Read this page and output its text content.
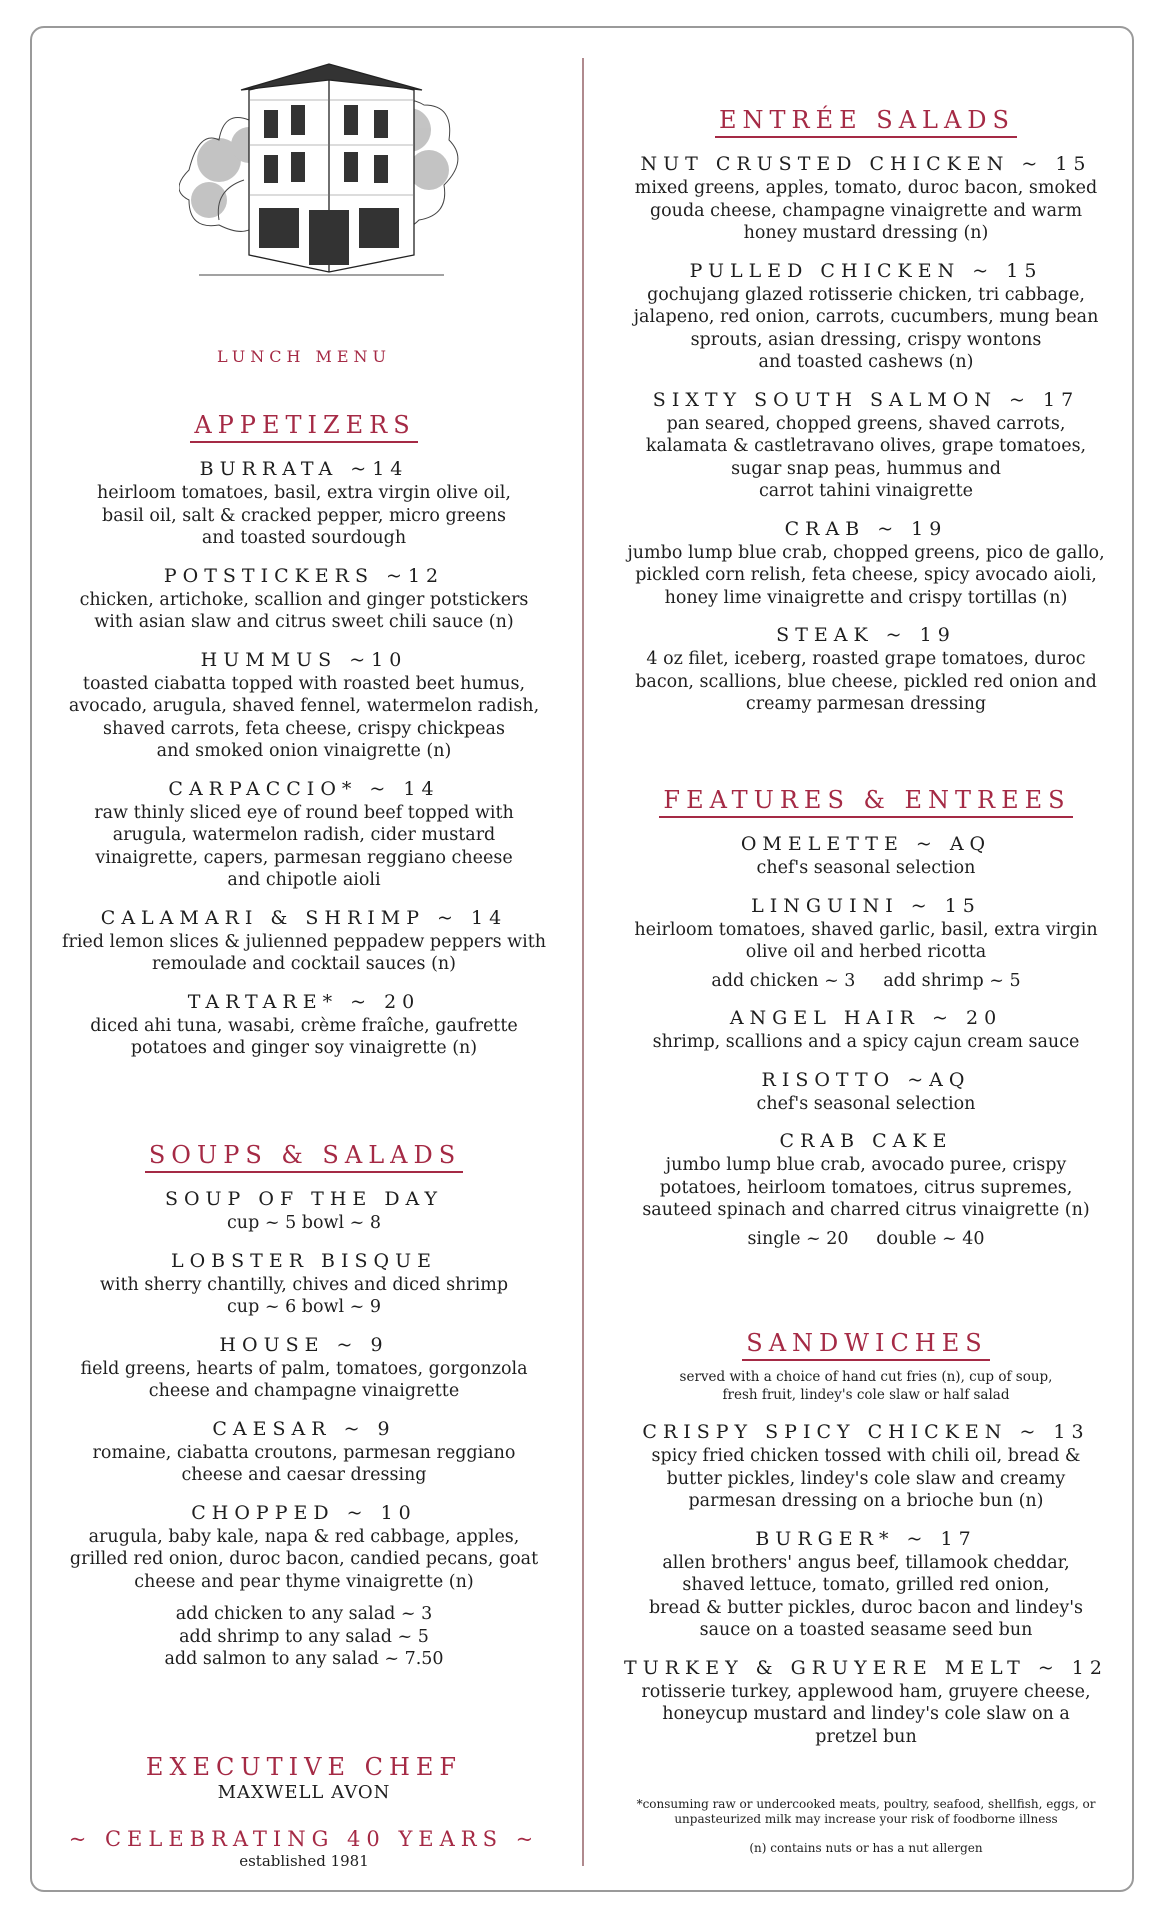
LUNCH MENU
APPETIZERS
BURRATA ~14
heirloom tomatoes, basil, extra virgin olive oil,
basil oil, salt & cracked pepper, micro greens
and toasted sourdough
POTSTICKERS ~12
chicken, artichoke, scallion and ginger potstickers
with asian slaw and citrus sweet chili sauce (n)
HUMMUS ~10
toasted ciabatta topped with roasted beet humus,
avocado, arugula, shaved fennel, watermelon radish,
shaved carrots, feta cheese, crispy chickpeas
and smoked onion vinaigrette (n)
CARPACCIO* ~ 14
raw thinly sliced eye of round beef topped with
arugula, watermelon radish, cider mustard
vinaigrette, capers, parmesan reggiano cheese
and chipotle aioli
CALAMARI & SHRIMP ~ 14
fried lemon slices & julienned peppadew peppers with
remoulade and cocktail sauces (n)
TARTARE* ~ 20
diced ahi tuna, wasabi, crème fraîche, gaufrette
potatoes and ginger soy vinaigrette (n)
SOUPS & SALADS
SOUP OF THE DAY
cup ~ 5 bowl ~ 8
LOBSTER BISQUE
with sherry chantilly, chives and diced shrimp
cup ~ 6 bowl ~ 9
HOUSE ~ 9
field greens, hearts of palm, tomatoes, gorgonzola
cheese and champagne vinaigrette
CAESAR ~ 9
romaine, ciabatta croutons, parmesan reggiano
cheese and caesar dressing
CHOPPED ~ 10
arugula, baby kale, napa & red cabbage, apples,
grilled red onion, duroc bacon, candied pecans, goat
cheese and pear thyme vinaigrette (n)
add chicken to any salad ~ 3
add shrimp to any salad ~ 5
add salmon to any salad ~ 7.50
EXECUTIVE CHEF
MAXWELL AVON
~ CELEBRATING 40 YEARS ~
established 1981
ENTRÉE SALADS
NUT CRUSTED CHICKEN ~ 15
mixed greens, apples, tomato, duroc bacon, smoked
gouda cheese, champagne vinaigrette and warm
honey mustard dressing (n)
PULLED CHICKEN ~ 15
gochujang glazed rotisserie chicken, tri cabbage,
jalapeno, red onion, carrots, cucumbers, mung bean
sprouts, asian dressing, crispy wontons
and toasted cashews (n)
SIXTY SOUTH SALMON ~ 17
pan seared, chopped greens, shaved carrots,
kalamata & castletravano olives, grape tomatoes,
sugar snap peas, hummus and
carrot tahini vinaigrette
CRAB ~ 19
jumbo lump blue crab, chopped greens, pico de gallo,
pickled corn relish, feta cheese, spicy avocado aioli,
honey lime vinaigrette and crispy tortillas (n)
STEAK ~ 19
4 oz filet, iceberg, roasted grape tomatoes, duroc
bacon, scallions, blue cheese, pickled red onion and
creamy parmesan dressing
FEATURES & ENTREES
OMELETTE ~ AQ
chef's seasonal selection
LINGUINI ~ 15
heirloom tomatoes, shaved garlic, basil, extra virgin
olive oil and herbed ricotta
add chicken ~ 3     add shrimp ~ 5
ANGEL HAIR ~ 20
shrimp, scallions and a spicy cajun cream sauce
RISOTTO ~AQ
chef's seasonal selection
CRAB CAKE
jumbo lump blue crab, avocado puree, crispy
potatoes, heirloom tomatoes, citrus supremes,
sauteed spinach and charred citrus vinaigrette (n)
single ~ 20     double ~ 40
SANDWICHES
served with a choice of hand cut fries (n), cup of soup,
fresh fruit, lindey's cole slaw or half salad
CRISPY SPICY CHICKEN ~ 13
spicy fried chicken tossed with chili oil, bread &
butter pickles, lindey's cole slaw and creamy
parmesan dressing on a brioche bun (n)
BURGER* ~ 17
allen brothers' angus beef, tillamook cheddar,
shaved lettuce, tomato, grilled red onion,
bread & butter pickles, duroc bacon and lindey's
sauce on a toasted seasame seed bun
TURKEY & GRUYERE MELT ~ 12
rotisserie turkey, applewood ham, gruyere cheese,
honeycup mustard and lindey's cole slaw on a
pretzel bun
*consuming raw or undercooked meats, poultry, seafood, shellfish, eggs, or
unpasteurized milk may increase your risk of foodborne illness
(n) contains nuts or has a nut allergen
